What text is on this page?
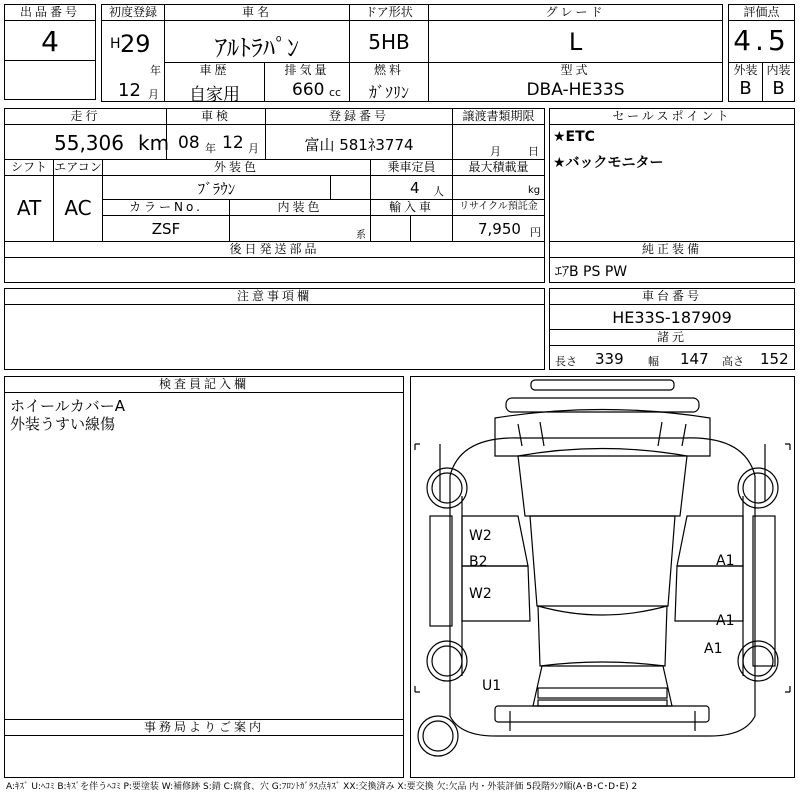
出品番号
4
初度登録
H 29
年
12 月
車名
ｱﾙﾄﾗﾊﾟﾝ
ドア形状
5HB
グレード
L
車歴
自家用
排気量
660 cc
燃料
ｶﾞｿﾘﾝ
型式
DBA-HE33S
評価点
4.5
外装 内装
B	B
走行
55,306 km
車検
08 年 12 月
登録番号
富山 581ﾈ3774
譲渡書類期限
月 日
シフト
AT
エアコン
AC
外装色
ﾌﾞﾗｳﾝ
乗車定員
4 人
最大積載量
kg
カラーNo.
ZSF
内装色
系
輸入車	リサイクル預託金
7,950 円
後日発送部品
セールスポイント
★ETC
★バックモニター
純正装備
ｴｱB PS PW
注意事項欄	車台番号
HE33S-187909
諸元
長さ 339 幅 147 高さ 152
検査員記入欄
ホイールカバーA
外装うすい線傷
事務局よりご案内
W2
B2
W2
U1
A1
A1
A1
A:ｷｽﾞ U:ﾍｺﾐ B:ｷｽﾞを伴うﾍｺﾐ P:要塗装 W:補修跡 S:錆 C:腐食、穴 G:ﾌﾛﾝﾄｶﾞﾗｽ点ｷｽﾞ XX:交換済み X:要交換 欠:欠品 内・外装評価 5段階ﾗﾝｸ順(A･B･C･D･E) 2
